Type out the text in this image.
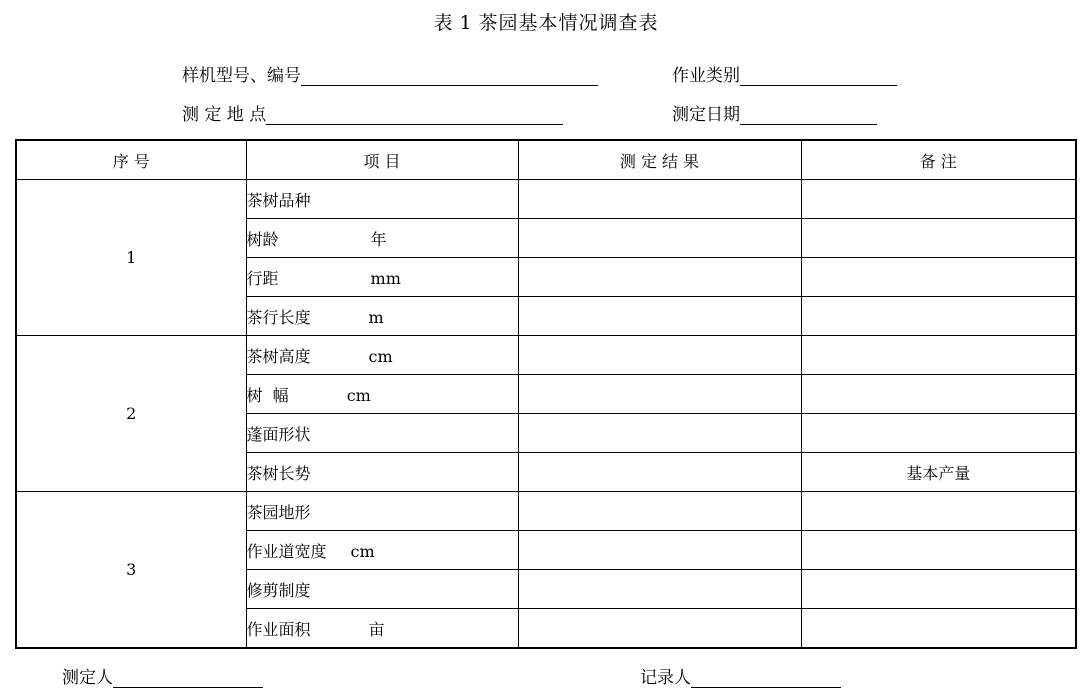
表 1 茶园基本情况调查表
样机型号、编号	作业类别
测 定 地 点	测定日期
序 号	项 目	测 定 结 果	备 注
1	茶树品种		
	树龄 年		
	行距 mm		
	茶行长度 m		
2	茶树高度 cm		
	树  幅 cm		
	蓬面形状		
	茶树长势		基本产量
3	茶园地形		
	作业道宽度 cm		
	修剪制度		
	作业面积 亩		
测定人	记录人
